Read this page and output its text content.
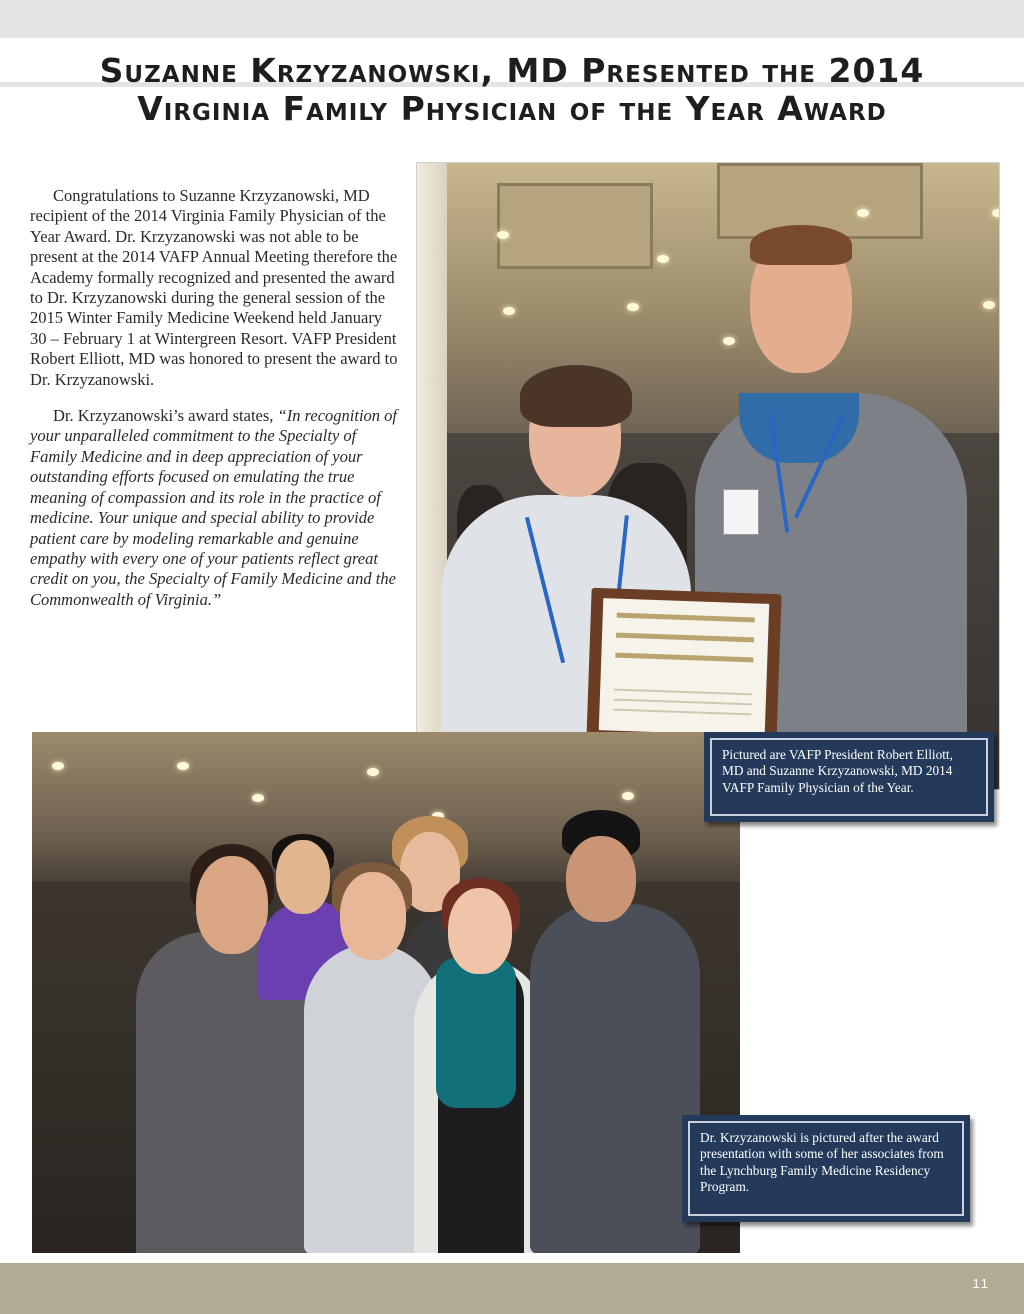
Suzanne Krzyzanowski, MD Presented the 2014
Virginia Family Physician of the Year Award

Congratulations to Suzanne Krzyzanowski, MD recipient of the 2014 Virginia Family Physician of the Year Award. Dr. Krzyzanowski was not able to be present at the 2014 VAFP Annual Meeting therefore the Academy formally recognized and presented the award to Dr. Krzyzanowski during the general session of the 2015 Winter Family Medicine Weekend held January 30 – February 1 at Wintergreen Resort. VAFP President Robert Elliott, MD was honored to present the award to Dr. Krzyzanowski.

Dr. Krzyzanowski’s award states, “In recognition of your unparalleled commitment to the Specialty of Family Medicine and in deep appreciation of your outstanding efforts focused on emulating the true meaning of compassion and its role in the practice of medicine. Your unique and special ability to provide patient care by modeling remarkable and genuine empathy with every one of your patients reflect great credit on you, the Specialty of Family Medicine and the Commonwealth of Virginia.”

Pictured are VAFP President Robert Elliott, MD and Suzanne Krzyzanowski, MD 2014 VAFP Family Physician of the Year.
Dr. Krzyzanowski is pictured after the award presentation with some of her associates from the Lynchburg Family Medicine Residency Program.
11
